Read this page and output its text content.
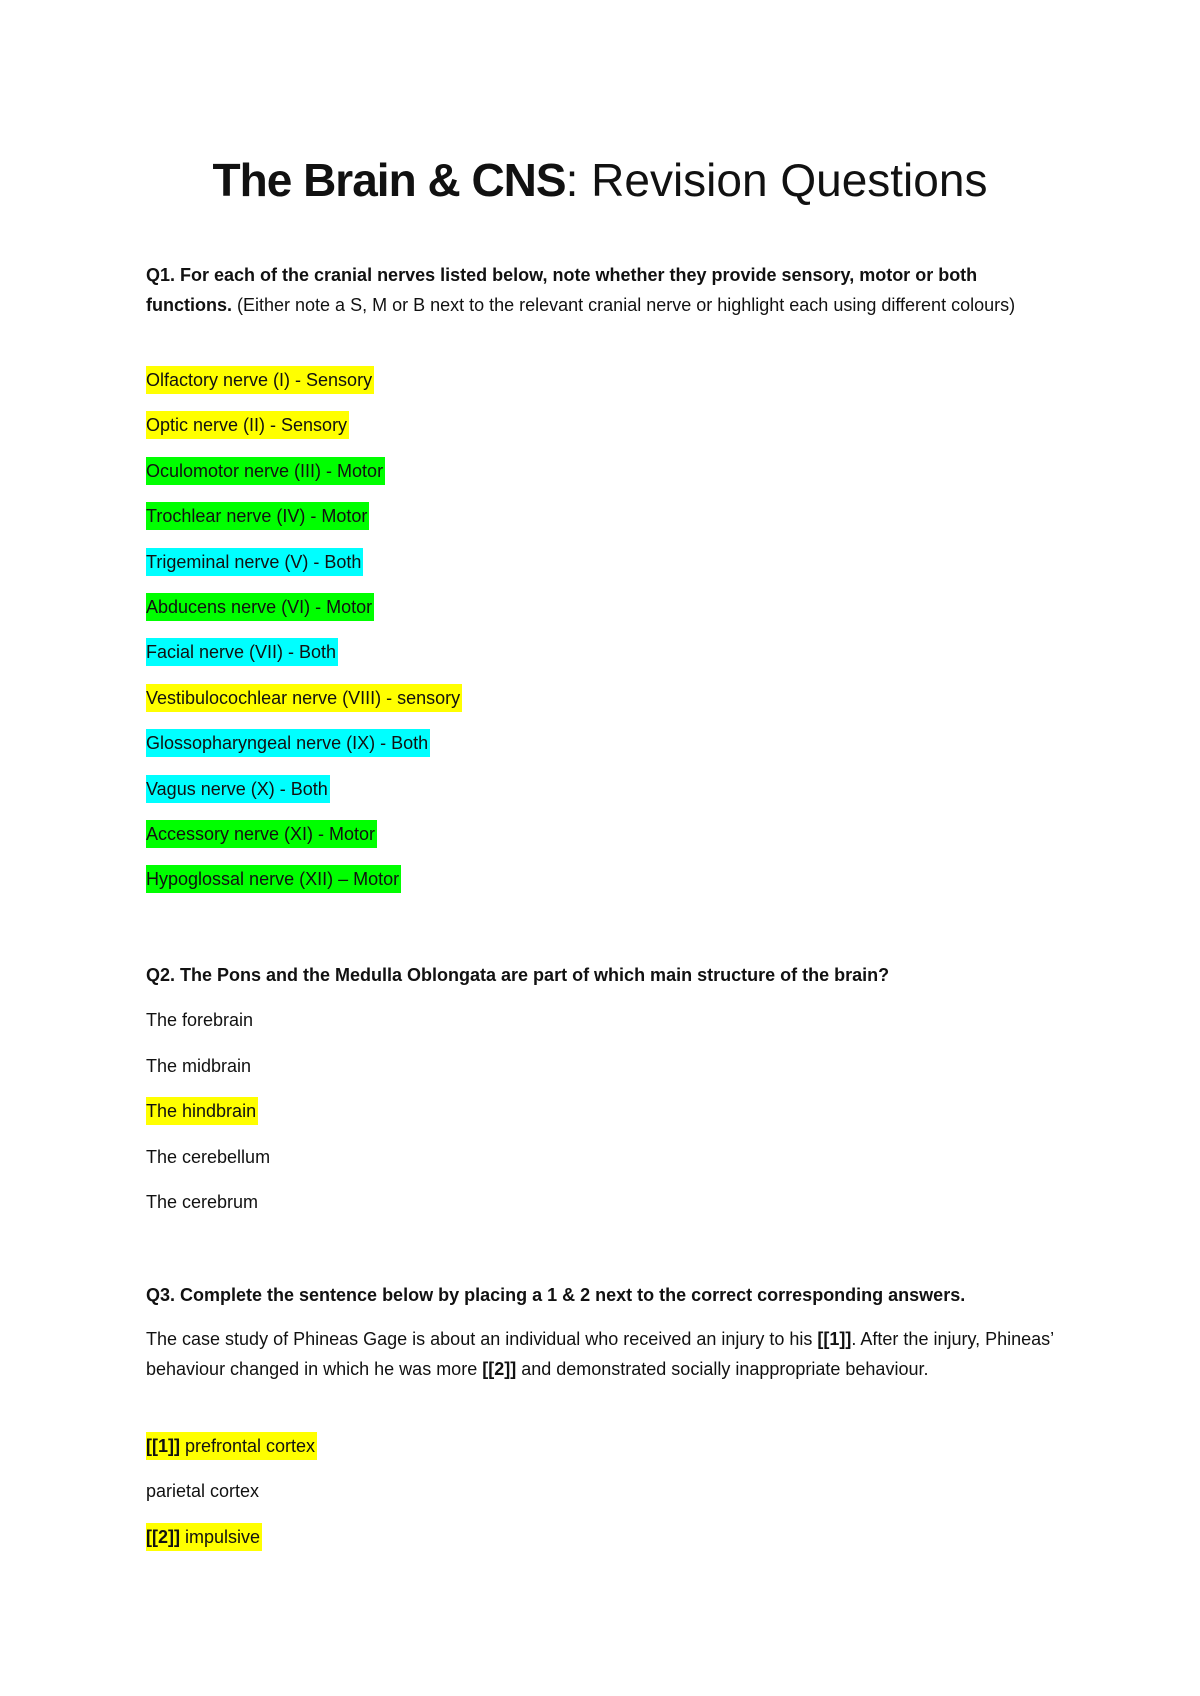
The Brain & CNS: Revision Questions
Q1. For each of the cranial nerves listed below, note whether they provide sensory, motor or both functions. (Either note a S, M or B next to the relevant cranial nerve or highlight each using different colours)
Olfactory nerve (I) - Sensory
Optic nerve (II) - Sensory
Oculomotor nerve (III) - Motor
Trochlear nerve (IV) - Motor
Trigeminal nerve (V) - Both
Abducens nerve (VI) - Motor
Facial nerve (VII) - Both
Vestibulocochlear nerve (VIII) - sensory
Glossopharyngeal nerve (IX) - Both
Vagus nerve (X) - Both
Accessory nerve (XI) - Motor
Hypoglossal nerve (XII) – Motor
Q2. The Pons and the Medulla Oblongata are part of which main structure of the brain?
The forebrain
The midbrain
The hindbrain
The cerebellum
The cerebrum
Q3. Complete the sentence below by placing a 1 & 2 next to the correct corresponding answers.
The case study of Phineas Gage is about an individual who received an injury to his [[1]]. After the injury, Phineas’ behaviour changed in which he was more [[2]] and demonstrated socially inappropriate behaviour.
[[1]] prefrontal cortex
parietal cortex
[[2]] impulsive
